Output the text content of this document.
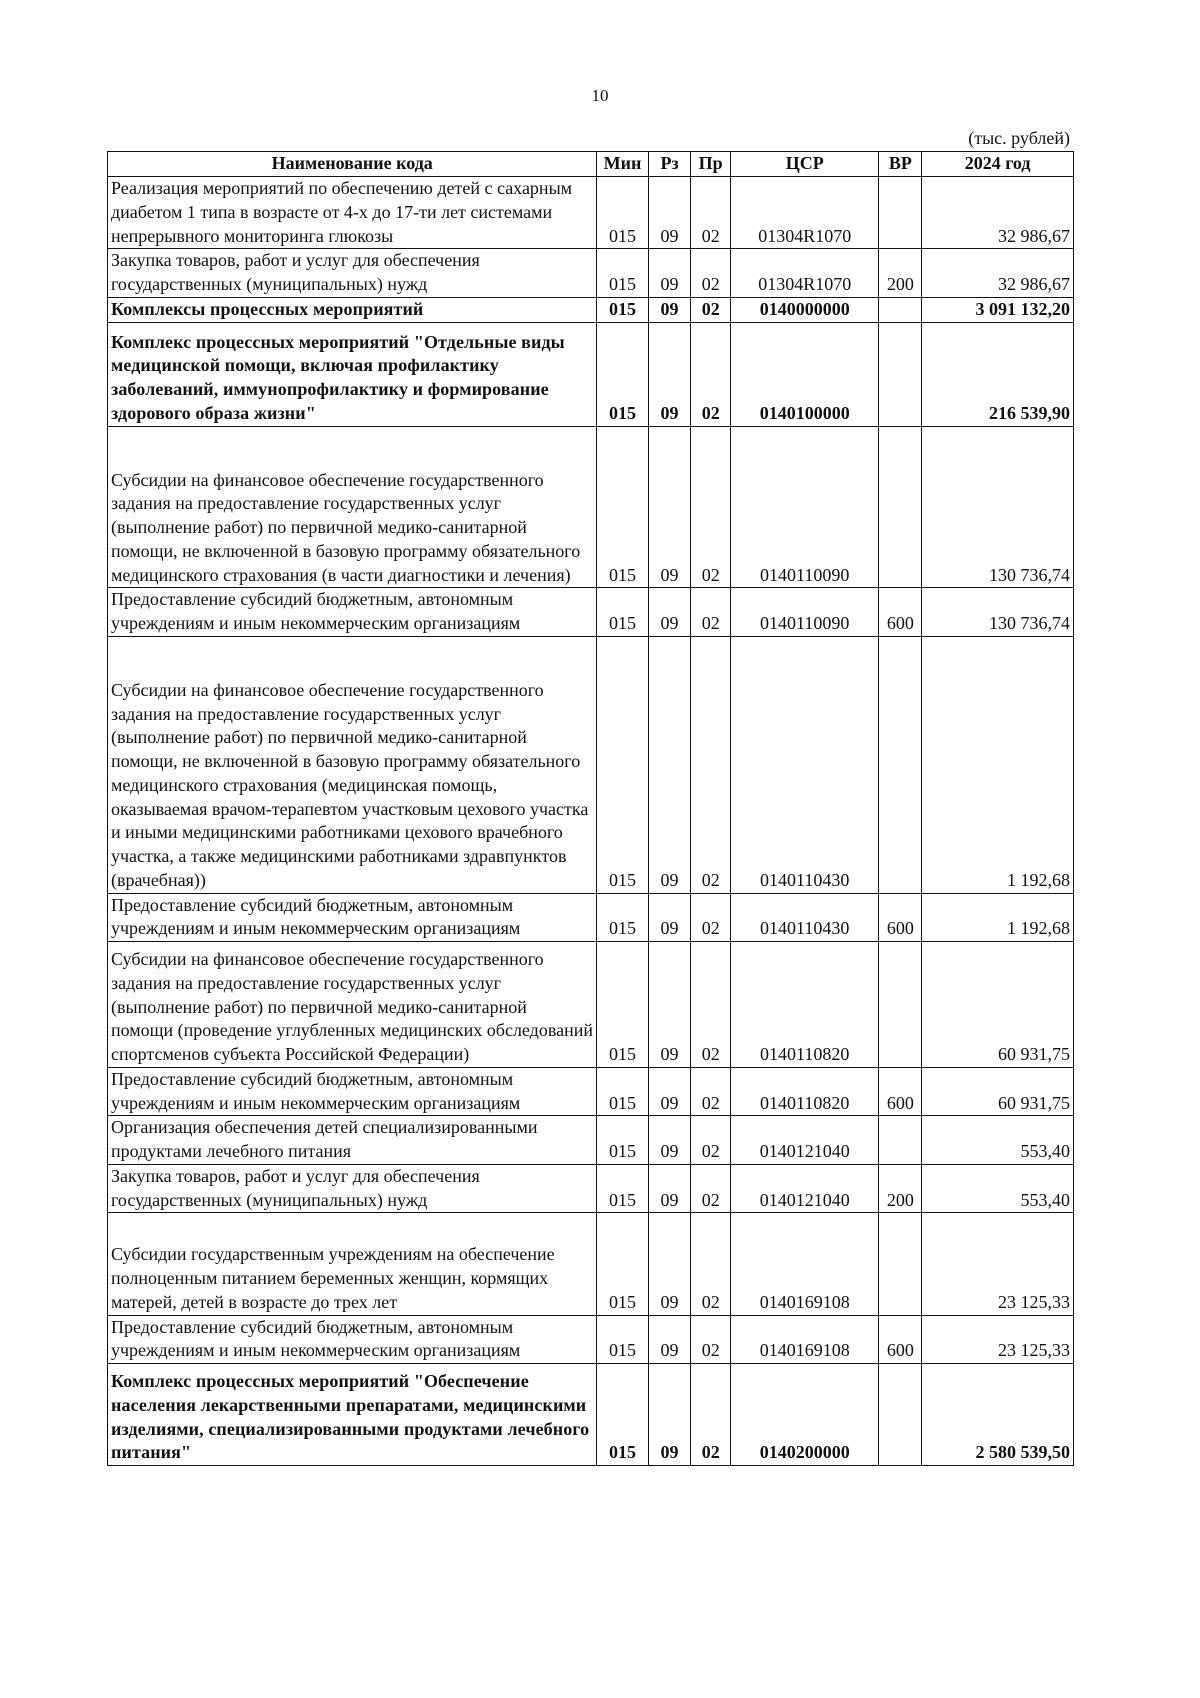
10
(тыс. рублей)
Наименование кода	Мин	Рз	Пр	ЦСР	ВР	2024 год
Реализация мероприятий по обеспечению детей с сахарным диабетом 1 типа в возрасте от 4-х до 17-ти лет системами непрерывного мониторинга глюкозы	015	09	02	01304R1070		32 986,67
Закупка товаров, работ и услуг для обеспечения государственных (муниципальных) нужд	015	09	02	01304R1070	200	32 986,67
Комплексы процессных мероприятий	015	09	02	0140000000		3 091 132,20
Комплекс процессных мероприятий "Отдельные виды медицинской помощи, включая профилактику заболеваний, иммунопрофилактику и формирование здорового образа жизни"	015	09	02	0140100000		216 539,90
Субсидии на финансовое обеспечение государственного задания на предоставление государственных услуг (выполнение работ) по первичной медико-санитарной помощи, не включенной в базовую программу обязательного медицинского страхования (в части диагностики и лечения)	015	09	02	0140110090		130 736,74
Предоставление субсидий бюджетным, автономным учреждениям и иным некоммерческим организациям	015	09	02	0140110090	600	130 736,74
Субсидии на финансовое обеспечение государственного задания на предоставление государственных услуг (выполнение работ) по первичной медико-санитарной помощи, не включенной в базовую программу обязательного медицинского страхования (медицинская помощь, оказываемая врачом-терапевтом участковым цехового участка и иными медицинскими работниками цехового врачебного участка, а также медицинскими работниками здравпунктов (врачебная))	015	09	02	0140110430		1 192,68
Предоставление субсидий бюджетным, автономным учреждениям и иным некоммерческим организациям	015	09	02	0140110430	600	1 192,68
Субсидии на финансовое обеспечение государственного задания на предоставление государственных услуг (выполнение работ) по первичной медико-санитарной помощи (проведение углубленных медицинских обследований спортсменов субъекта Российской Федерации)	015	09	02	0140110820		60 931,75
Предоставление субсидий бюджетным, автономным учреждениям и иным некоммерческим организациям	015	09	02	0140110820	600	60 931,75
Организация обеспечения детей специализированными продуктами лечебного питания	015	09	02	0140121040		553,40
Закупка товаров, работ и услуг для обеспечения государственных (муниципальных) нужд	015	09	02	0140121040	200	553,40
Субсидии государственным учреждениям на обеспечение полноценным питанием беременных женщин, кормящих матерей, детей в возрасте до трех лет	015	09	02	0140169108		23 125,33
Предоставление субсидий бюджетным, автономным учреждениям и иным некоммерческим организациям	015	09	02	0140169108	600	23 125,33
Комплекс процессных мероприятий "Обеспечение населения лекарственными препаратами, медицинскими изделиями, специализированными продуктами лечебного питания"	015	09	02	0140200000		2 580 539,50
